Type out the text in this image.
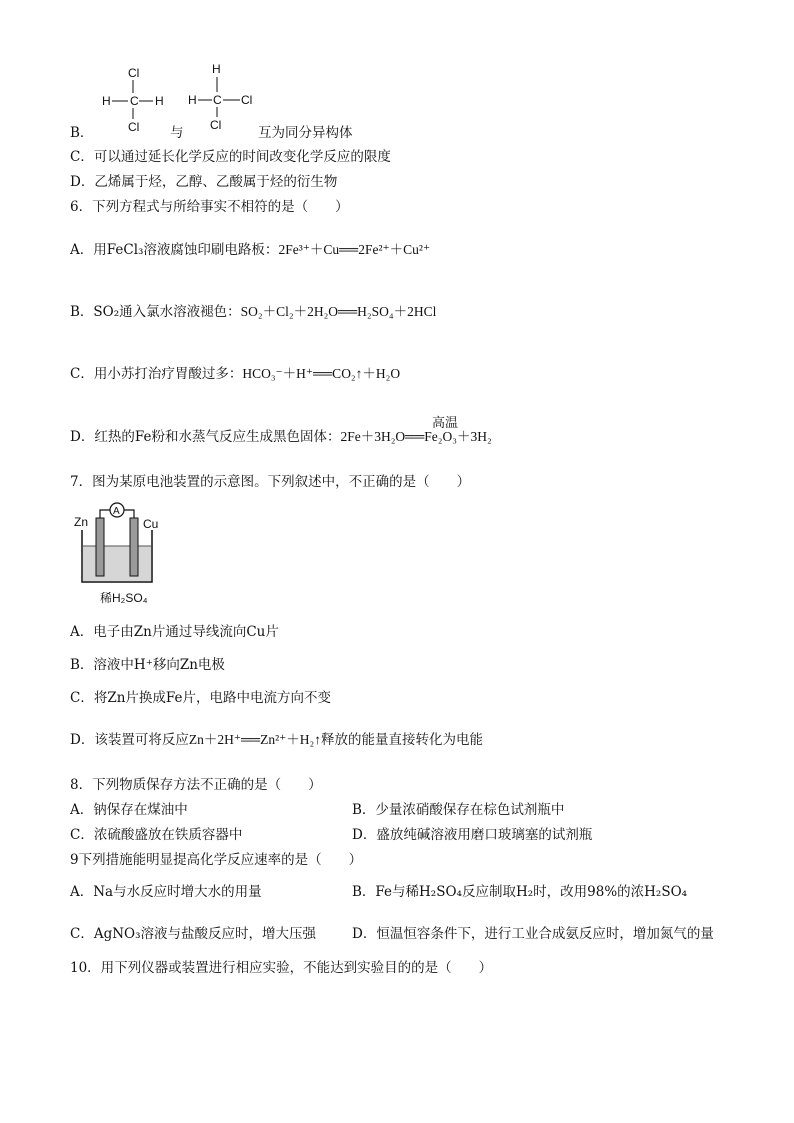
Cl
H C H
Cl
H
H C Cl
Cl
B．	与	互为同分异构体
C．可以通过延长化学反应的时间改变化学反应的限度
D．乙烯属于烃，乙醇、乙酸属于烃的衍生物
6．下列方程式与所给事实不相符的是（　　）
A．用FeCl₃溶液腐蚀印刷电路板：2Fe³⁺＋Cu══2Fe²⁺＋Cu²⁺
B．SO₂通入氯水溶液褪色：SO₂＋Cl₂＋2H₂O══H₂SO₄＋2HCl
C．用小苏打治疗胃酸过多：HCO₃⁻＋H⁺══CO₂↑＋H₂O
D．红热的Fe粉和水蒸气反应生成黑色固体：2Fe＋3H₂O══Fe₂O₃＋3H₂
高温
7．图为某原电池装置的示意图。下列叙述中，不正确的是（　　）
Zn	Cu
A
稀H₂SO₄
A．电子由Zn片通过导线流向Cu片
B．溶液中H⁺移向Zn电极
C．将Zn片换成Fe片，电路中电流方向不变
D．该装置可将反应Zn＋2H⁺══Zn²⁺＋H₂↑释放的能量直接转化为电能
8．下列物质保存方法不正确的是（　　）
A．钠保存在煤油中	B．少量浓硝酸保存在棕色试剂瓶中
C．浓硫酸盛放在铁质容器中	D．盛放纯碱溶液用磨口玻璃塞的试剂瓶
9下列措施能明显提高化学反应速率的是（　　）
A．Na与水反应时增大水的用量	B．Fe与稀H₂SO₄反应制取H₂时，改用98%的浓H₂SO₄
C．AgNO₃溶液与盐酸反应时，增大压强	D．恒温恒容条件下，进行工业合成氨反应时，增加氮气的量
10．用下列仪器或装置进行相应实验，不能达到实验目的的是（　　）
